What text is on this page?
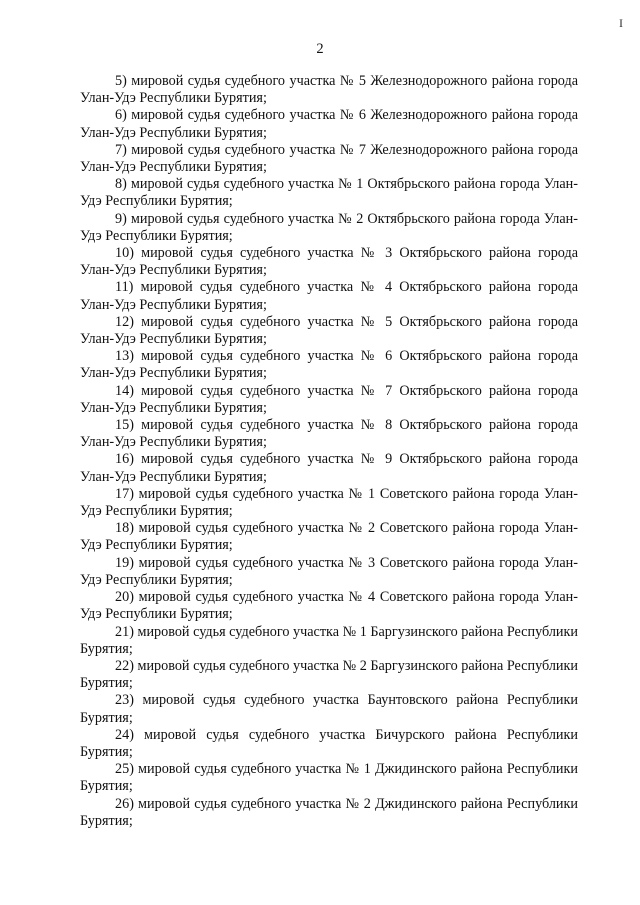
2
I

5) мировой судья судебного участка № 5 Железнодорожного района города Улан-Удэ Республики Бурятия;

6) мировой судья судебного участка № 6 Железнодорожного района города Улан-Удэ Республики Бурятия;

7) мировой судья судебного участка № 7 Железнодорожного района города Улан-Удэ Республики Бурятия;

8) мировой судья судебного участка № 1 Октябрьского района города Улан-Удэ Республики Бурятия;

9) мировой судья судебного участка № 2 Октябрьского района города Улан-Удэ Республики Бурятия;

10) мировой судья судебного участка № 3 Октябрьского района города Улан-Удэ Республики Бурятия;

11) мировой судья судебного участка № 4 Октябрьского района города Улан-Удэ Республики Бурятия;

12) мировой судья судебного участка № 5 Октябрьского района города Улан-Удэ Республики Бурятия;

13) мировой судья судебного участка № 6 Октябрьского района города Улан-Удэ Республики Бурятия;

14) мировой судья судебного участка № 7 Октябрьского района города Улан-Удэ Республики Бурятия;

15) мировой судья судебного участка № 8 Октябрьского района города Улан-Удэ Республики Бурятия;

16) мировой судья судебного участка № 9 Октябрьского района города Улан-Удэ Республики Бурятия;

17) мировой судья судебного участка № 1 Советского района города Улан-Удэ Республики Бурятия;

18) мировой судья судебного участка № 2 Советского района города Улан-Удэ Республики Бурятия;

19) мировой судья судебного участка № 3 Советского района города Улан-Удэ Республики Бурятия;

20) мировой судья судебного участка № 4 Советского района города Улан-Удэ Республики Бурятия;

21) мировой судья судебного участка № 1 Баргузинского района Республики Бурятия;

22) мировой судья судебного участка № 2 Баргузинского района Республики Бурятия;

23) мировой судья судебного участка Баунтовского района Республики Бурятия;

24) мировой судья судебного участка Бичурского района Республики Бурятия;

25) мировой судья судебного участка № 1 Джидинского района Республики Бурятия;

26) мировой судья судебного участка № 2 Джидинского района Республики Бурятия;
